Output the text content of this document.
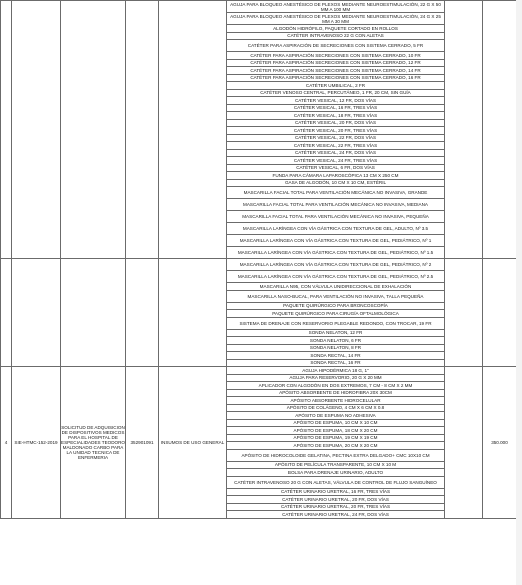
					AGUJA PARA BLOQUEO ANESTÉSICO DE PLEXOS MEDIANTE NEUROESTIMULACIÓN, 22 G X 50 MM A 100 MM		
					AGUJA PARA BLOQUEO ANESTÉSICO DE PLEXOS MEDIANTE NEUROESTIMULACIÓN, 24 G X 25 MM A 30 MM		
					ALGODÓN HIDRÓFILO, PAQUETE CORTADO EN ROLLOS		
					CATÉTER INTRAVENOSO 22 G CON ALETAS		
					CATÉTER PARA ASPIRACIÓN DE SECRECIONES CON SISTEMA CERRADO, 5 FR		
					CATÉTER PARA ASPIRACIÓN SECRECIONES CON SISTEMA CERRADO, 10 FR		
					CATÉTER PARA ASPIRACIÓN SECRECIONES CON SISTEMA CERRADO, 12 FR		
					CATÉTER PARA ASPIRACIÓN SECRECIONES CON SISTEMA CERRADO, 14 FR		
					CATÉTER PARA ASPIRACIÓN SECRECIONES CON SISTEMA CERRADO, 16 FR		
					CATÉTER UMBILICAL, 2 FR		
					CATÉTER VENOSO CENTRAL, PERCUTÁNEO, 1 FR, 20 CM, SIN GUÍA		
					CATÉTER VESICAL, 12 FR, DOS VÍAS		
					CATÉTER VESICAL, 16 FR, TRES VÍAS		
					CATÉTER VESICAL, 18 FR, TRES VÍAS		
					CATÉTER VESICAL, 20 FR, DOS VÍAS		
					CATÉTER VESICAL, 20 FR, TRES VÍAS		
					CATÉTER VESICAL, 22 FR, DOS VÍAS		
					CATÉTER VESICAL, 22 FR, TRES VÍAS		
					CATÉTER VESICAL, 24 FR, DOS VÍAS		
					CATÉTER VESICAL, 24 FR, TRES VÍAS		
					CATÉTER VESICAL, 6 FR, DOS VÍAS		
					FUNDA PARA CÁMARA LAPAROSCÓPICA 13 CM X 250 CM		
					GASA DE ALGODÓN, 10 CM X 10 CM, ESTÉRIL		
					MASCARILLA FACIAL TOTAL PARA VENTILACIÓN MECÁNICA NO INVASIVA, GRANDE		
					MASCARILLA FACIAL TOTAL PARA VENTILACIÓN MECÁNICA NO INVASIVA, MEDIANA		
					MASCARILLA FACIAL TOTAL PARA VENTILACIÓN MECÁNICA NO INVASIVA, PEQUEÑA		
					MASCARILLA LARÍNGEA CON VÍA GÁSTRICA CON TEXTURA DE GEL, ADULTO, Nº 3.5		
					MASCARILLA LARÍNGEA CON VÍA GÁSTRICA CON TEXTURA DE GEL, PEDIÁTRICO, Nº 1		
					MASCARILLA LARÍNGEA CON VÍA GÁSTRICA CON TEXTURA DE GEL, PEDIÁTRICO, Nº 1.5		
					MASCARILLA LARÍNGEA CON VÍA GÁSTRICA CON TEXTURA DE GEL, PEDIÁTRICO, Nº 2		
					MASCARILLA LARÍNGEA CON VÍA GÁSTRICA CON TEXTURA DE GEL, PEDIÁTRICO, Nº 2.5		
					MASCARILLA N95, CON VÁLVULA UNIDIRECCIONAL DE EXHALACIÓN		
					MASCARILLA NASO-BUCAL, PARA VENTILACIÓN NO INVASIVA, TALLA PEQUEÑA		
					PAQUETE QUIRÚRGICO PARA BRONCOSCOPÍA		
					PAQUETE QUIRÚRGICO PARA CIRUGÍA OFTALMOLÓGICA		
					SISTEMA DE DRENAJE CON RESERVORIO PLEGABLE REDONDO, CON TROCAR, 19 FR		
					SONDA NELATON, 12 FR		
					SONDA NELATON, 6 FR		
					SONDA NELATON, 8 FR		
					SONDA RECTAL, 14 FR		
					SONDA RECTAL, 16 FR		
4	SIE-HTMC-152-2019	SOLICITUD DE ADQUISICION DE DISPOSITIVOS MEDICOS PARA EL HOSPITAL DE ESPECIALIDADES TEODORO MALDONADO CARBO PARA LA UNIDAD TECNICA DE ENFERMERIA	352901091	INSUMOS DE USO GENERAL	AGUJA HIPODÉRMICA 18 G, 1"		350.000
					AGUJA PARA RESERVORIO, 20 G X 20 MM		
					APLICADOR CON ALGODÓN EN DOS EXTREMOS, 7 CM - 8 CM X 2 MM		
					APÓSITO ABSORBENTE DE HIDROFIBRA 20X 30CM		
					APÓSITO ABSORBENTE HIDROCELULAR		
					APÓSITO DE COLÁGENO, 4 CM X 6 CM X 0.8		
					APÓSITO DE ESPUMA NO ADHESIVA		
					APÓSITO DE ESPUMA, 10 CM X 10 CM		
					APÓSITO DE ESPUMA, 18 CM X 20 CM		
					APÓSITO DE ESPUMA, 19 CM X 19 CM		
					APÓSITO DE ESPUMA, 20 CM X 20 CM		
					APÓSITO DE HIDROCOLOIDE GELATINA, PECTINA EXTRA DELGADO+ CMC 10X10 CM		
					APÓSITO DE PELÍCULA TRANSPARENTE, 10 CM X 10 M		
					BOLSA PARA DRENAJE URINARIO, ADULTO		
					CATÉTER INTRAVENOSO 20 G CON ALETAS, VÁLVULA DE CONTROL DE FLUJO SANGUÍNEO		
					CATÉTER URINARIO URETRAL, 16 FR, TRES VÍAS		
					CATÉTER URINARIO URETRAL, 20 FR, DOS VÍAS		
					CATÉTER URINARIO URETRAL, 20 FR, TRES VÍAS		
					CATÉTER URINARIO URETRAL, 24 FR, DOS VÍAS		
